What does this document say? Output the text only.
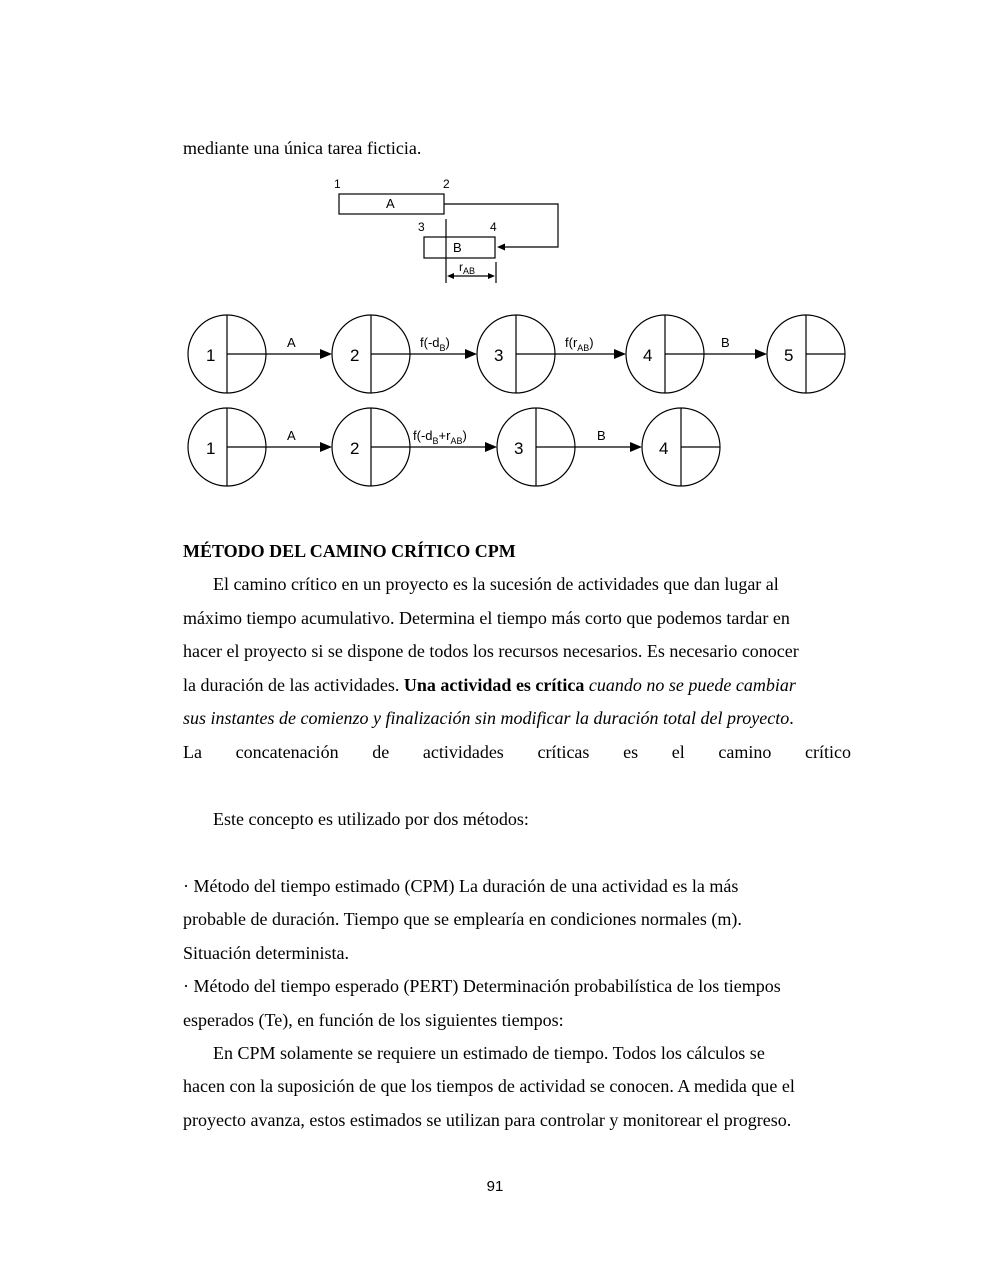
mediante una única tarea ficticia.
A
B
1	2
3	4
$r_{AB}$
1	2	3	4	5
A	$f(-d_B)$	$f(r_{AB})$	B
1	2	3	4
A	$f(-d_B+r_{AB})$	B
MÉTODO DEL CAMINO CRÍTICO CPM
El camino crítico en un proyecto es la sucesión de actividades que dan lugar al
máximo tiempo acumulativo. Determina el tiempo más corto que podemos tardar en
hacer el proyecto si se dispone de todos los recursos necesarios. Es necesario conocer
la duración de las actividades. Una actividad es crítica cuando no se puede cambiar
sus instantes de comienzo y finalización sin modificar la duración total del proyecto.
La concatenación de actividades críticas es el camino crítico
Este concepto es utilizado por dos métodos:
· Método del tiempo estimado (CPM) La duración de una actividad es la más
probable de duración. Tiempo que se emplearía en condiciones normales (m).
Situación determinista.
· Método del tiempo esperado (PERT) Determinación probabilística de los tiempos
esperados (Te), en función de los siguientes tiempos:
En CPM solamente se requiere un estimado de tiempo. Todos los cálculos se
hacen con la suposición de que los tiempos de actividad se conocen. A medida que el
proyecto avanza, estos estimados se utilizan para controlar y monitorear el progreso.
91
